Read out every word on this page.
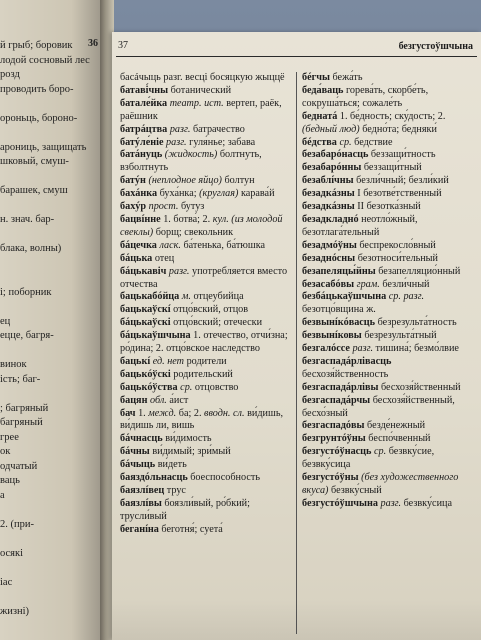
36
й грыб; боровик
лодой сосновый лес
розд
проводить боро-
ороньць, бороно-
арониць, защищать
шковый, смуш-
барашек, смуш
н. знач. бар-
блака, волны)
і; поборник
ец
ецце, багря-
винок
ість; баг-
; багряный
багряный
грее
ок
одчатый
ваць
а
2. (при-
осякі
іас
жизні)
37	безгустоўшчына

басáчыць разг. весці босяцкую жыццё

батаві́чны ботанический

батале́йка театр. ист. вертеп, раёк, раёшник

батрáцтва разг. батрачество

батýле́ніе разг. гуля́нье; забава

батáнуць (жидкость) болтнуть, взболтнуть

батýн (неплодное яйцо) болтун

бахáнка буха́нка; (круглая) карава́й

бахýр прост. бутуз

бацвíнне 1. ботва́; 2. кул. (из молодой свеклы) борщ; свекольник

бáцечка ласк. ба́тенька, ба́тюшка

бáцька отец

бáцькавіч разг. употребляется вместо отчества

бацькабóйца м. отцеубийца

бацькаўскí отцо́вский, отцов

бáцькаўскі отцо́вский; отечески

бáцькаўшчына 1. отечество, отчи́зна; ро́дина; 2. отцо́вское наследство

бацькí ед. нет родители

бацькóўскі родительский

бацькóўства ср. отцовство

бацян обл. а́ист

бач 1. межд. ба; 2. вводн. сл. ви́дишь, ви́дишь ли, вишь

бáчнасць ви́димость

бáчны ви́димый; зри́мый

бáчыць ви́деть

баяздóльнасць боеспособность

баязлíвец трус

баязлíвы боязли́вый, ро́бкий; трусли́вый

беганíна беготня́; суета́

бéгчы бежа́ть

беда́ваць горева́ть, скорбе́ть, сокруша́ться; сожале́ть

беднатá 1. бе́дность; ску́дость; 2. (бедный люд) бедно́та; бедняки́

бéдства ср. бедствие

безабарóнасць беззащи́тность

безабарóнны беззащи́тный

безаблíчны безли́чный; безли́кий

безадкáзны I безотве́тственный

безадкáзны II безотка́зный

безадкладнó неотло́жный, безотлага́тельный

безадмóўны беспрекосло́вный

безаднóсны безотноси́тельный

безапеляцы́йны безапелляцио́нный

безасабóвы грам. безли́чный

безбáцькаўшчына ср. разг. безотцо́вщина ж.

безвынíкóвасць безрезульта́тность

безвынíковы безрезульта́тный

безгалóссе разг. тишина́; безмо́лвие

безгаспадáрлівасць бесхозя́йственность

безгаспадáрлівы бесхозя́йственный

безгаспадáрчы бесхозя́йственный, бесхо́зный

безгаспадóвы безде́нежный

безгрунтóўны беспо́чвенный

безгустóўнасць ср. безвку́сие, безвку́сица

безгустóўны (без художественного вкуса) безвку́сный

безгустóўшчына разг. безвку́сица
